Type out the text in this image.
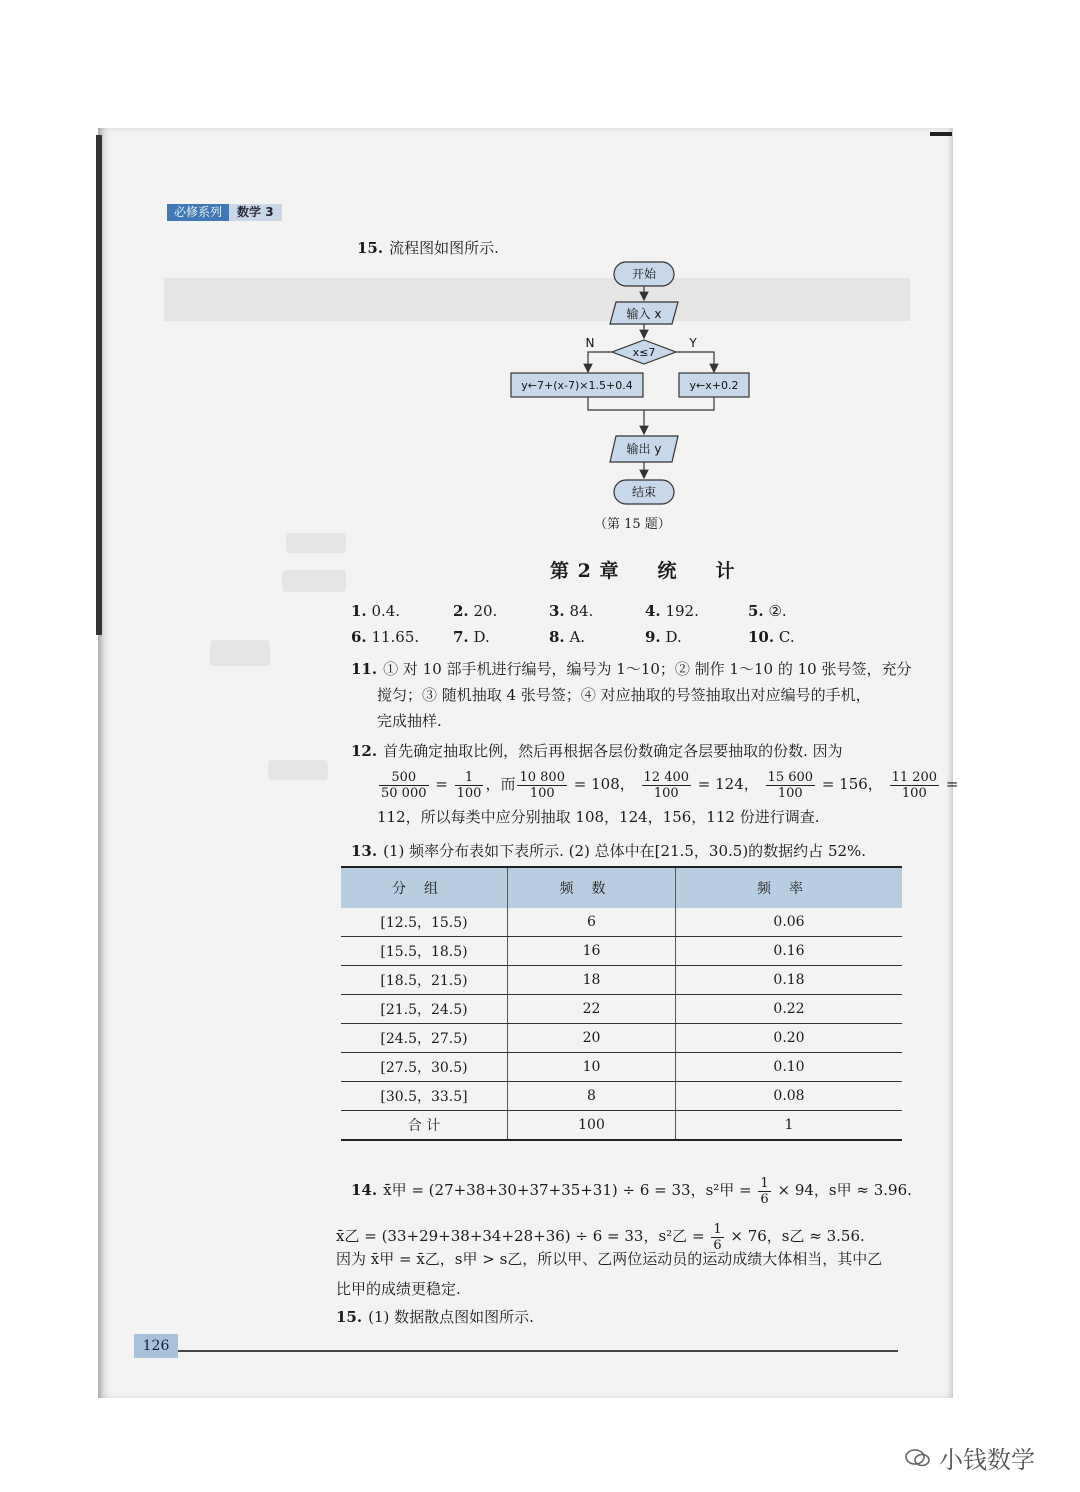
必修系列	数学 3
15. 流程图如图所示.
开始
输入 x
x≤7
N	Y
y←7+(x-7)×1.5+0.4	y←x+0.2
输出 y
结束
（第 15 题）
第 2 章 统 计
1. 0.4.	2. 20.	3. 84.	4. 192.	5. ②.
6. 11.65. 7. D.	8. A.	9. D.	10. C.
11. ① 对 10 部手机进行编号，编号为 1～10；② 制作 1～10 的 10 张号签，充分
搅匀；③ 随机抽取 4 张号签；④ 对应抽取的号签抽取出对应编号的手机，
完成抽样.
12. 首先确定抽取比例，然后再根据各层份数确定各层要抽取的份数. 因为
$\frac{500}{50 000} = \frac{1}{100}$ ，而 $\frac{10 800}{100} = 108$， $\frac{12 400}{100} = 124$， $\frac{15 600}{100} = 156$， $\frac{11 200}{100}$ =
112，所以每类中应分别抽取 108，124，156，112 份进行调查.
13. (1) 频率分布表如下表所示. (2) 总体中在[21.5，30.5)的数据约占 52%.
分组	频数	频率
[12.5，15.5)	6	0.06
[15.5，18.5)	16	0.16
[18.5，21.5)	18	0.18
[21.5，24.5)	22	0.22
[24.5，27.5)	20	0.20
[27.5，30.5)	10	0.10
[30.5，33.5]	8	0.08
合 计	100	1
14. x̄甲 = (27+38+30+37+35+31) ÷ 6 = 33，s²甲 = $\frac{1}{6} \times 94$，s甲 ≈ 3.96.
x̄乙 = (33+29+38+34+28+36) ÷ 6 = 33，s²乙 = $\frac{1}{6} \times 76$，s乙 ≈ 3.56.
因为 x̄甲 = x̄乙，s甲 > s乙，所以甲、乙两位运动员的运动成绩大体相当，其中乙
比甲的成绩更稳定.
15. (1) 数据散点图如图所示.
126
小钱数学
